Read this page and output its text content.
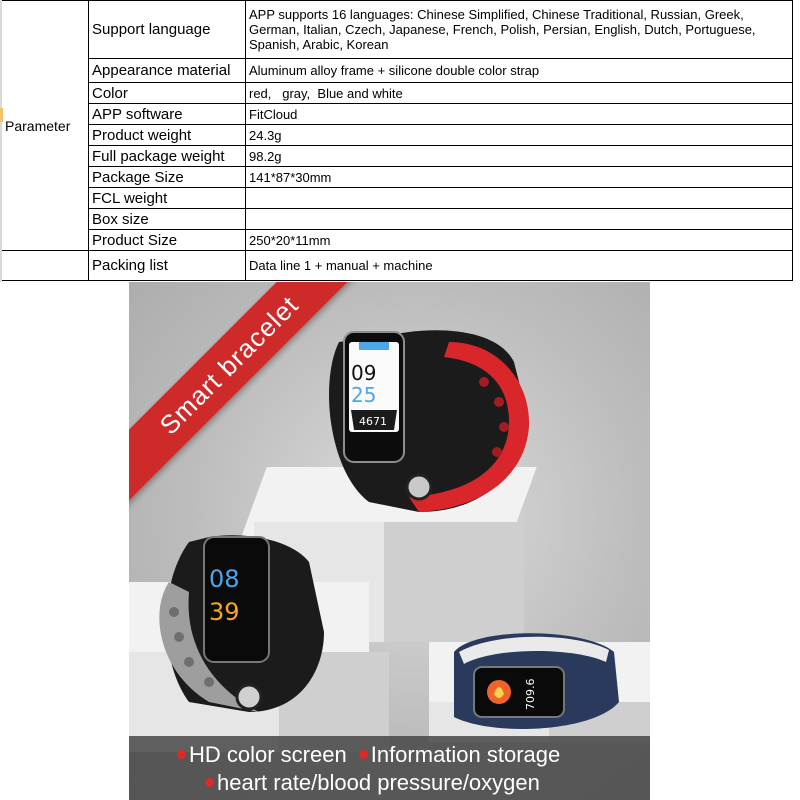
Parameter	Support language	APP supports 16 languages: Chinese Simplified, Chinese Traditional, Russian, Greek, German, Italian, Czech, Japanese, French, Polish, Persian, English, Dutch, Portuguese, Spanish, Arabic, Korean
	Appearance material	Aluminum alloy frame + silicone double color strap
	Color	red,   gray,  Blue and white
	APP software	FitCloud
	Product weight	24.3g
	Full package weight	98.2g
	Package Size	141*87*30mm
	FCL weight	
	Box size	
	Product Size	250*20*11mm
	Packing list	Data line 1 + manual + machine
09
25
4671
08
39
709.6
Smart bracelet
HD color screen Information storage
heart rate/blood pressure/oxygen
